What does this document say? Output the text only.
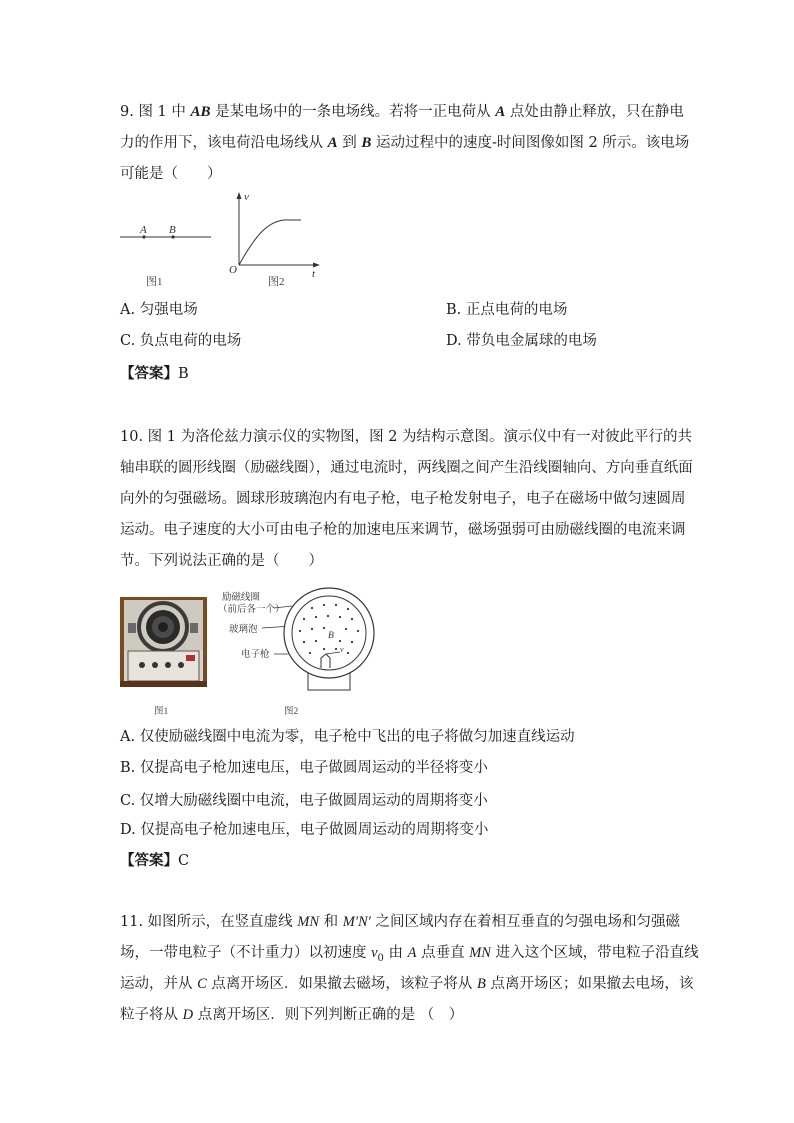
9. 图 1 中 AB 是某电场中的一条电场线。若将一正电荷从 A 点处由静止释放，只在静电
力的作用下，该电荷沿电场线从 A 到 B 运动过程中的速度-时间图像如图 2 所示。该电场
可能是（　　）
A B
图1
v
O	t
图2
A. 匀强电场	B. 正点电荷的电场
C. 负点电荷的电场	D. 带负电金属球的电场
【答案】B
10. 图 1 为洛伦兹力演示仪的实物图，图 2 为结构示意图。演示仪中有一对彼此平行的共
轴串联的圆形线圈（励磁线圈），通过电流时，两线圈之间产生沿线圈轴向、方向垂直纸面
向外的匀强磁场。圆球形玻璃泡内有电子枪，电子枪发射电子，电子在磁场中做匀速圆周
运动。电子速度的大小可由电子枪的加速电压来调节，磁场强弱可由励磁线圈的电流来调
节。下列说法正确的是（　　）
励磁线圈
（前后各一个）
玻璃泡
电子枪
B
v
图1	图2
A. 仅使励磁线圈中电流为零，电子枪中飞出的电子将做匀加速直线运动
B. 仅提高电子枪加速电压，电子做圆周运动的半径将变小
C. 仅增大励磁线圈中电流，电子做圆周运动的周期将变小
D. 仅提高电子枪加速电压，电子做圆周运动的周期将变小
【答案】C
11. 如图所示，在竖直虚线 MN 和 M′N′ 之间区域内存在着相互垂直的匀强电场和匀强磁
场，一带电粒子（不计重力）以初速度 $v_0$ 由 A 点垂直 MN 进入这个区域，带电粒子沿直线
运动，并从 C 点离开场区．如果撤去磁场，该粒子将从 B 点离开场区；如果撤去电场，该
粒子将从 D 点离开场区．则下列判断正确的是 （　）
